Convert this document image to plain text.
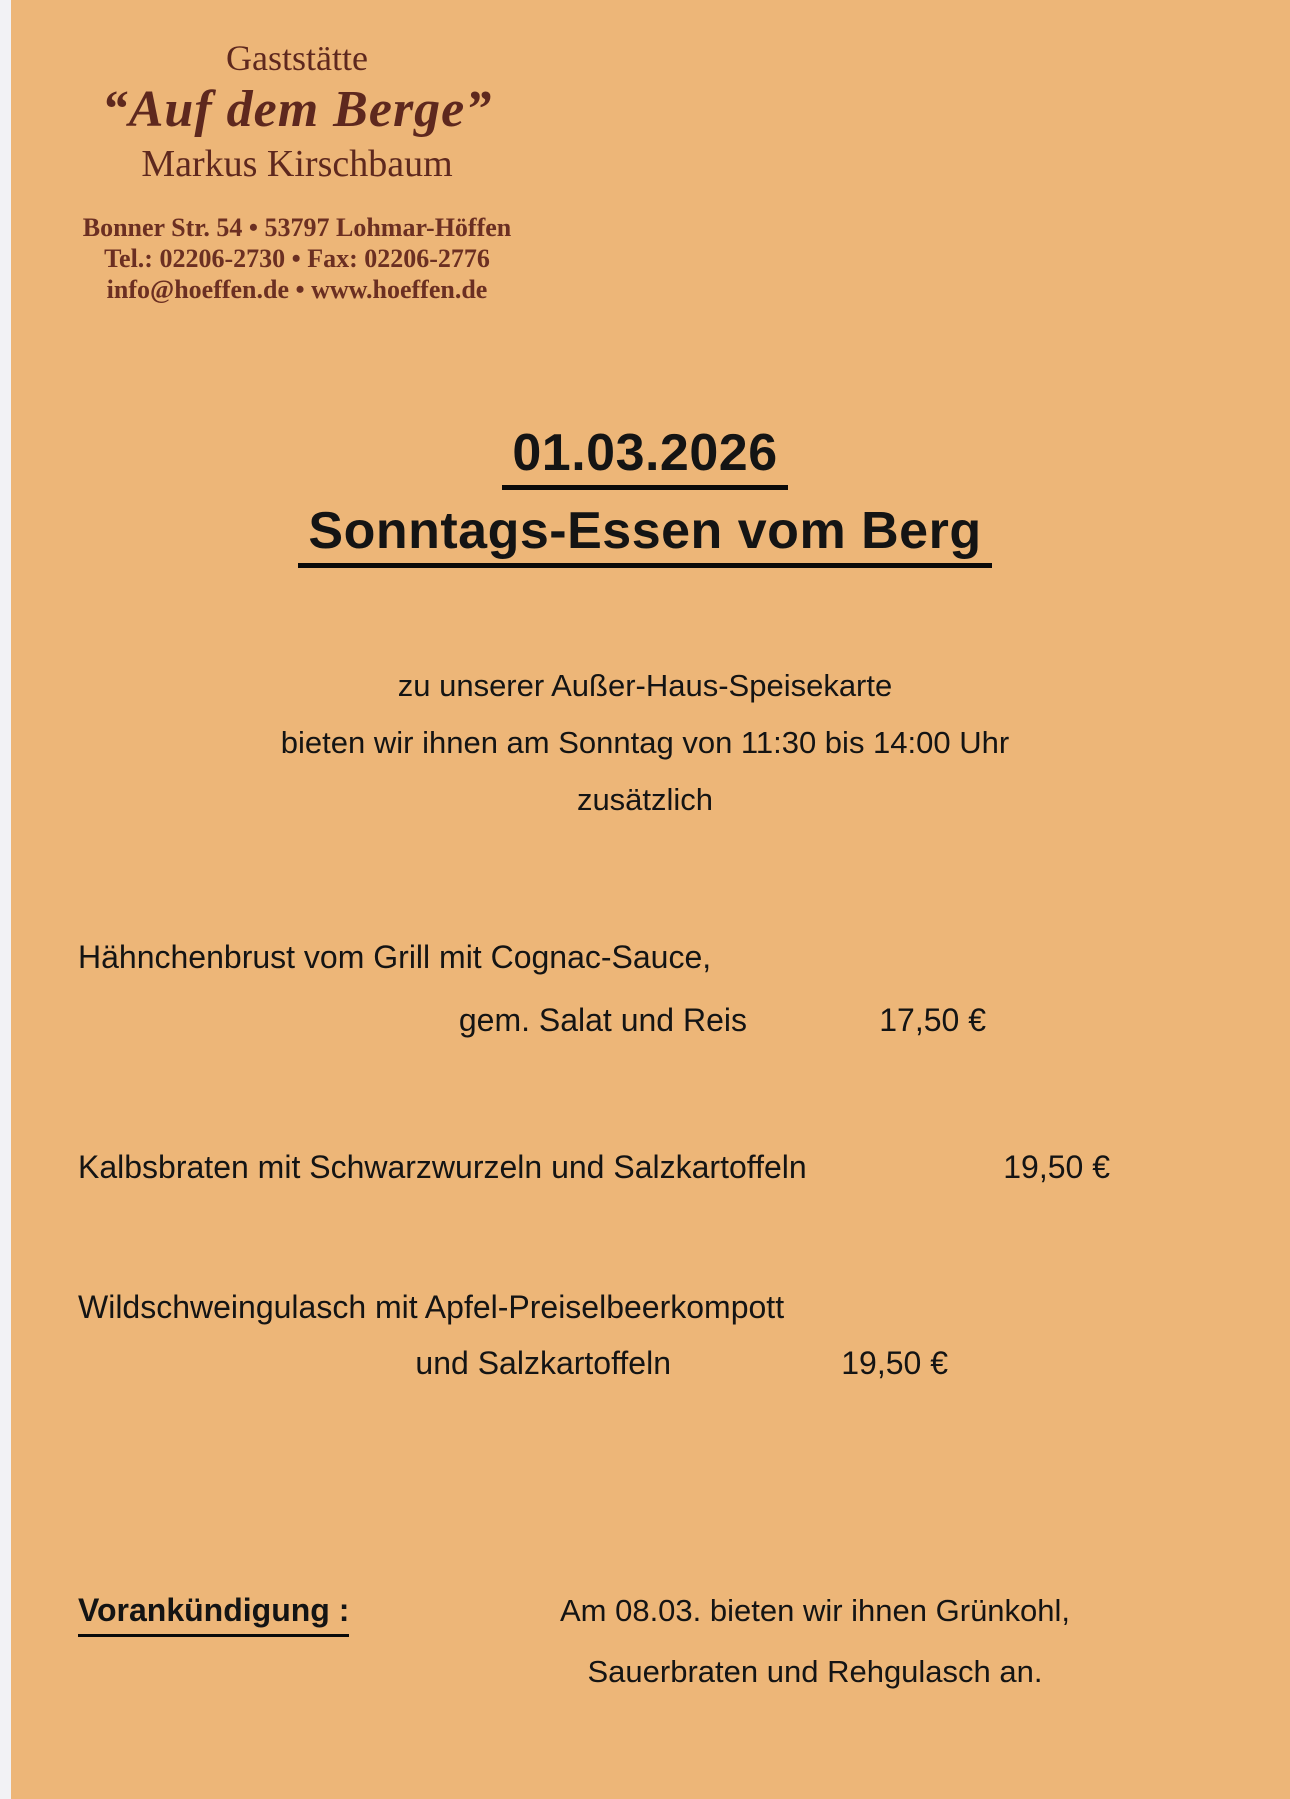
Gaststätte
“Auf dem Berge”
Markus Kirschbaum
Bonner Str. 54 • 53797 Lohmar-Höffen
Tel.: 02206-2730 • Fax: 02206-2776
info@hoeffen.de • www.hoeffen.de
01.03.2026
Sonntags-Essen vom Berg
zu unserer Außer-Haus-Speisekarte
bieten wir ihnen am Sonntag von 11:30 bis 14:00 Uhr
zusätzlich
Hähnchenbrust vom Grill mit Cognac-Sauce,
gem. Salat und Reis	17,50 €
Kalbsbraten mit Schwarzwurzeln und Salzkartoffeln	19,50 €
Wildschweingulasch mit Apfel-Preiselbeerkompott
und Salzkartoffeln	19,50 €
Vorankündigung :	Am 08.03. bieten wir ihnen Grünkohl,
Sauerbraten und Rehgulasch an.
